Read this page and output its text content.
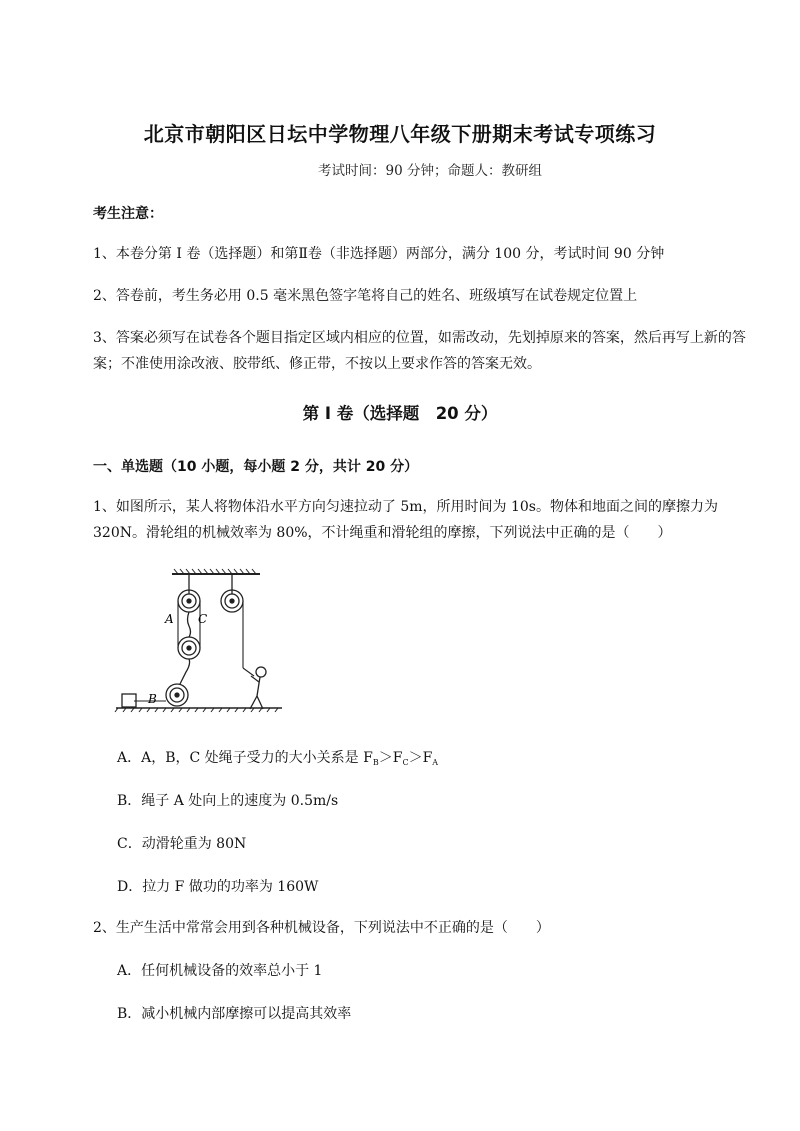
北京市朝阳区日坛中学物理八年级下册期末考试专项练习
考试时间：90 分钟；命题人：教研组
考生注意：
1、本卷分第 I 卷（选择题）和第Ⅱ卷（非选择题）两部分，满分 100 分，考试时间 90 分钟
2、答卷前，考生务必用 0.5 毫米黑色签字笔将自己的姓名、班级填写在试卷规定位置上
3、答案必须写在试卷各个题目指定区域内相应的位置，如需改动，先划掉原来的答案，然后再写上新的答案；不准使用涂改液、胶带纸、修正带，不按以上要求作答的答案无效。
第 I 卷（选择题　20 分）
一、单选题（10 小题，每小题 2 分，共计 20 分）
1、如图所示，某人将物体沿水平方向匀速拉动了 5m，所用时间为 10s。物体和地面之间的摩擦力为 320N。滑轮组的机械效率为 80%，不计绳重和滑轮组的摩擦，下列说法中正确的是（　　）
A C
B
A．A，B，C 处绳子受力的大小关系是 $F_B>F_C>F_A$
B．绳子 A 处向上的速度为 0.5m/s
C．动滑轮重为 80N
D．拉力 F 做功的功率为 160W
2、生产生活中常常会用到各种机械设备，下列说法中不正确的是（　　）
A．任何机械设备的效率总小于 1
B．减小机械内部摩擦可以提高其效率
